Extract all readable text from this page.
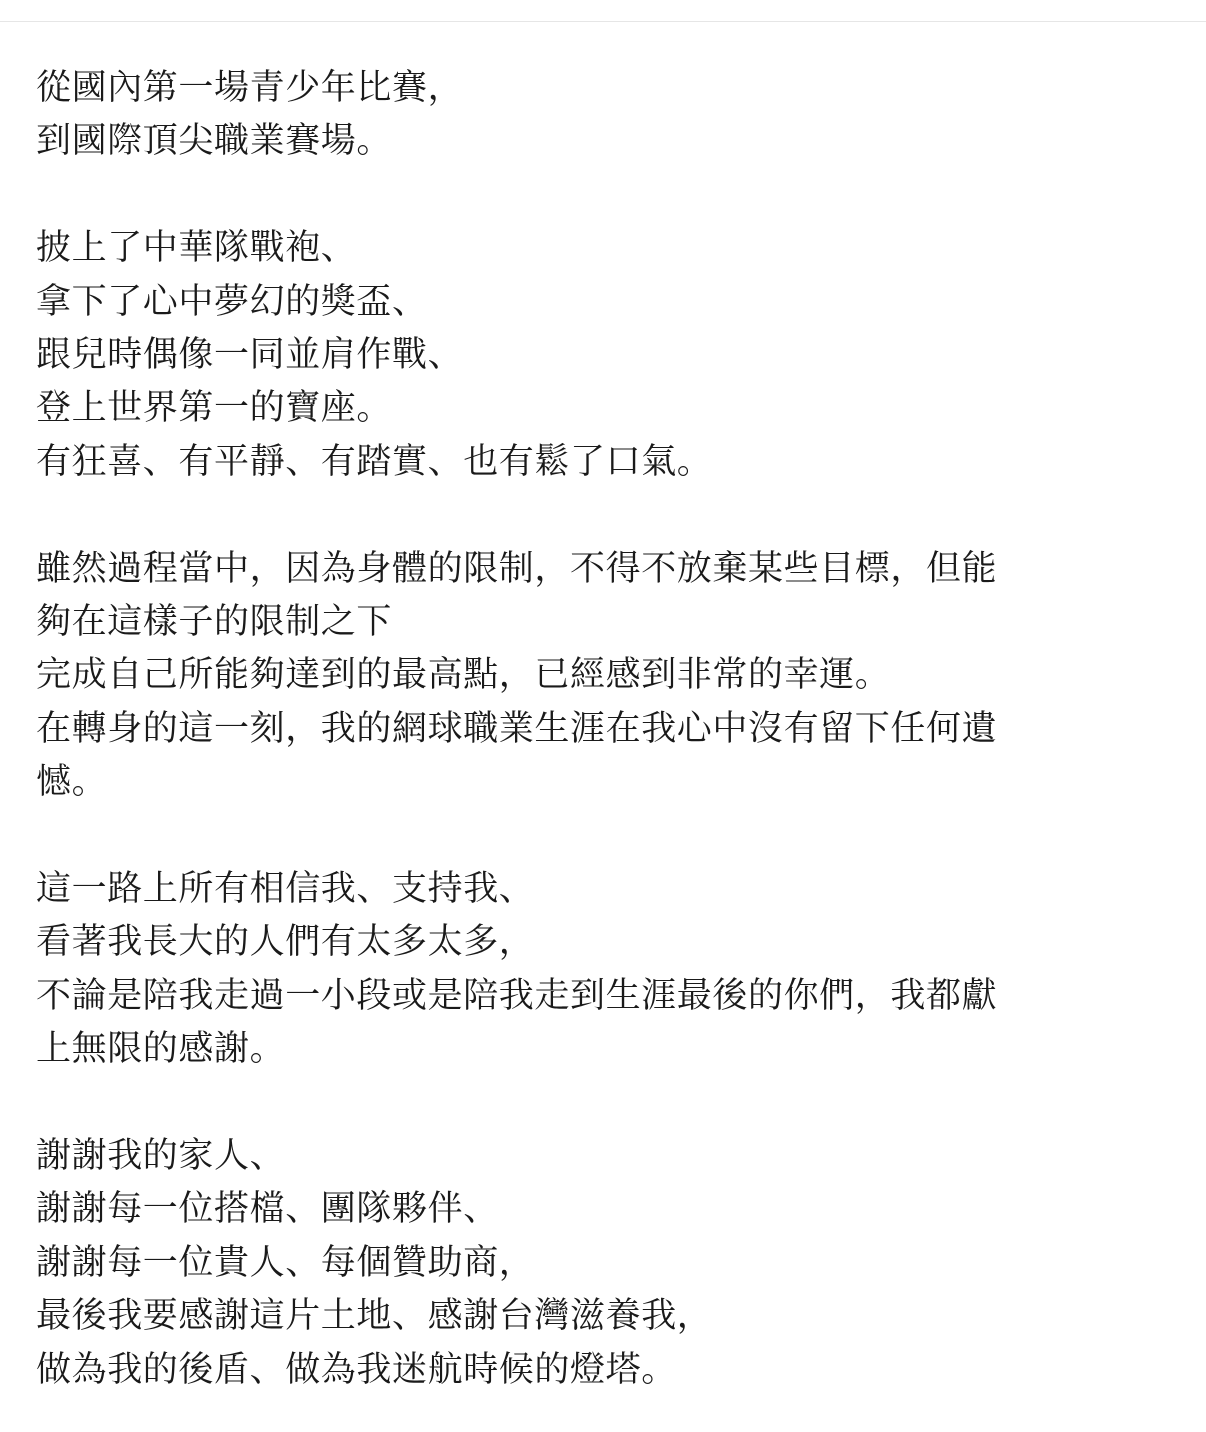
從國內第一場青少年比賽，
到國際頂尖職業賽場。

披上了中華隊戰袍、
拿下了心中夢幻的獎盃、
跟兒時偶像一同並肩作戰、
登上世界第一的寶座。
有狂喜、有平靜、有踏實、也有鬆了口氣。

雖然過程當中，因為身體的限制，不得不放棄某些目標，但能
夠在這樣子的限制之下
完成自己所能夠達到的最高點，已經感到非常的幸運。
在轉身的這一刻，我的網球職業生涯在我心中沒有留下任何遺
憾。

這一路上所有相信我、支持我、
看著我長大的人們有太多太多，
不論是陪我走過一小段或是陪我走到生涯最後的你們，我都獻
上無限的感謝。

謝謝我的家人、
謝謝每一位搭檔、團隊夥伴、
謝謝每一位貴人、每個贊助商，
最後我要感謝這片土地、感謝台灣滋養我，
做為我的後盾、做為我迷航時候的燈塔。
